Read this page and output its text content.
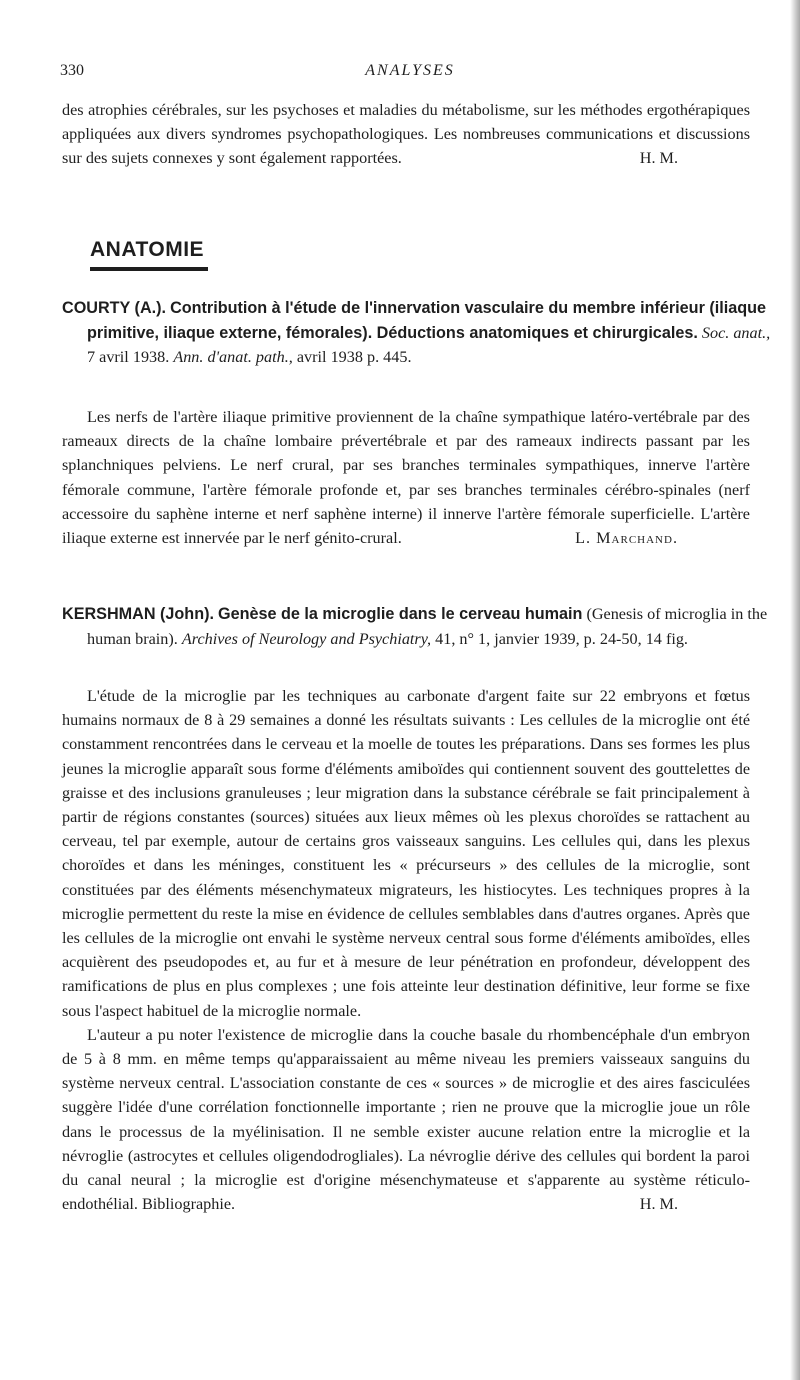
330	ANALYSES
des atrophies cérébrales, sur les psychoses et maladies du métabolisme, sur les méthodes ergothérapiques appliquées aux divers syndromes psychopathologiques. Les nombreuses communications et discussions sur des sujets connexes y sont également rapportées.	H. M.
ANATOMIE
COURTY (A.). Contribution à l'étude de l'innervation vasculaire du membre inférieur (iliaque primitive, iliaque externe, fémorales). Déductions anatomiques et chirurgicales. Soc. anat., 7 avril 1938. Ann. d'anat. path., avril 1938 p. 445.

Les nerfs de l'artère iliaque primitive proviennent de la chaîne sympathique latéro-vertébrale par des rameaux directs de la chaîne lombaire prévertébrale et par des rameaux indirects passant par les splanchniques pelviens. Le nerf crural, par ses branches terminales sympathiques, innerve l'artère fémorale commune, l'artère fémorale profonde et, par ses branches terminales cérébro-spinales (nerf accessoire du saphène interne et nerf saphène interne) il innerve l'artère fémorale superficielle. L'artère iliaque externe est innervée par le nerf génito-crural.	L. Marchand.

KERSHMAN (John). Genèse de la microglie dans le cerveau humain (Genesis of microglia in the human brain). Archives of Neurology and Psychiatry, 41, n° 1, janvier 1939, p. 24-50, 14 fig.

L'étude de la microglie par les techniques au carbonate d'argent faite sur 22 embryons et fœtus humains normaux de 8 à 29 semaines a donné les résultats suivants : Les cellules de la microglie ont été constamment rencontrées dans le cerveau et la moelle de toutes les préparations. Dans ses formes les plus jeunes la microglie apparaît sous forme d'éléments amiboïdes qui contiennent souvent des gouttelettes de graisse et des inclusions granuleuses ; leur migration dans la substance cérébrale se fait principalement à partir de régions constantes (sources) situées aux lieux mêmes où les plexus choroïdes se rattachent au cerveau, tel par exemple, autour de certains gros vaisseaux sanguins. Les cellules qui, dans les plexus choroïdes et dans les méninges, constituent les « précurseurs » des cellules de la microglie, sont constituées par des éléments mésenchymateux migrateurs, les histiocytes. Les techniques propres à la microglie permettent du reste la mise en évidence de cellules semblables dans d'autres organes. Après que les cellules de la microglie ont envahi le système nerveux central sous forme d'éléments amiboïdes, elles acquièrent des pseudopodes et, au fur et à mesure de leur pénétration en profondeur, développent des ramifications de plus en plus complexes ; une fois atteinte leur destination définitive, leur forme se fixe sous l'aspect habituel de la microglie normale.

L'auteur a pu noter l'existence de microglie dans la couche basale du rhombencéphale d'un embryon de 5 à 8 mm. en même temps qu'apparaissaient au même niveau les premiers vaisseaux sanguins du système nerveux central. L'association constante de ces « sources » de microglie et des aires fasciculées suggère l'idée d'une corrélation fonctionnelle importante ; rien ne prouve que la microglie joue un rôle dans le processus de la myélinisation. Il ne semble exister aucune relation entre la microglie et la névroglie (astrocytes et cellules oligendodrogliales). La névroglie dérive des cellules qui bordent la paroi du canal neural ; la microglie est d'origine mésenchymateuse et s'apparente au système réticulo-endothélial. Bibliographie.	H. M.
